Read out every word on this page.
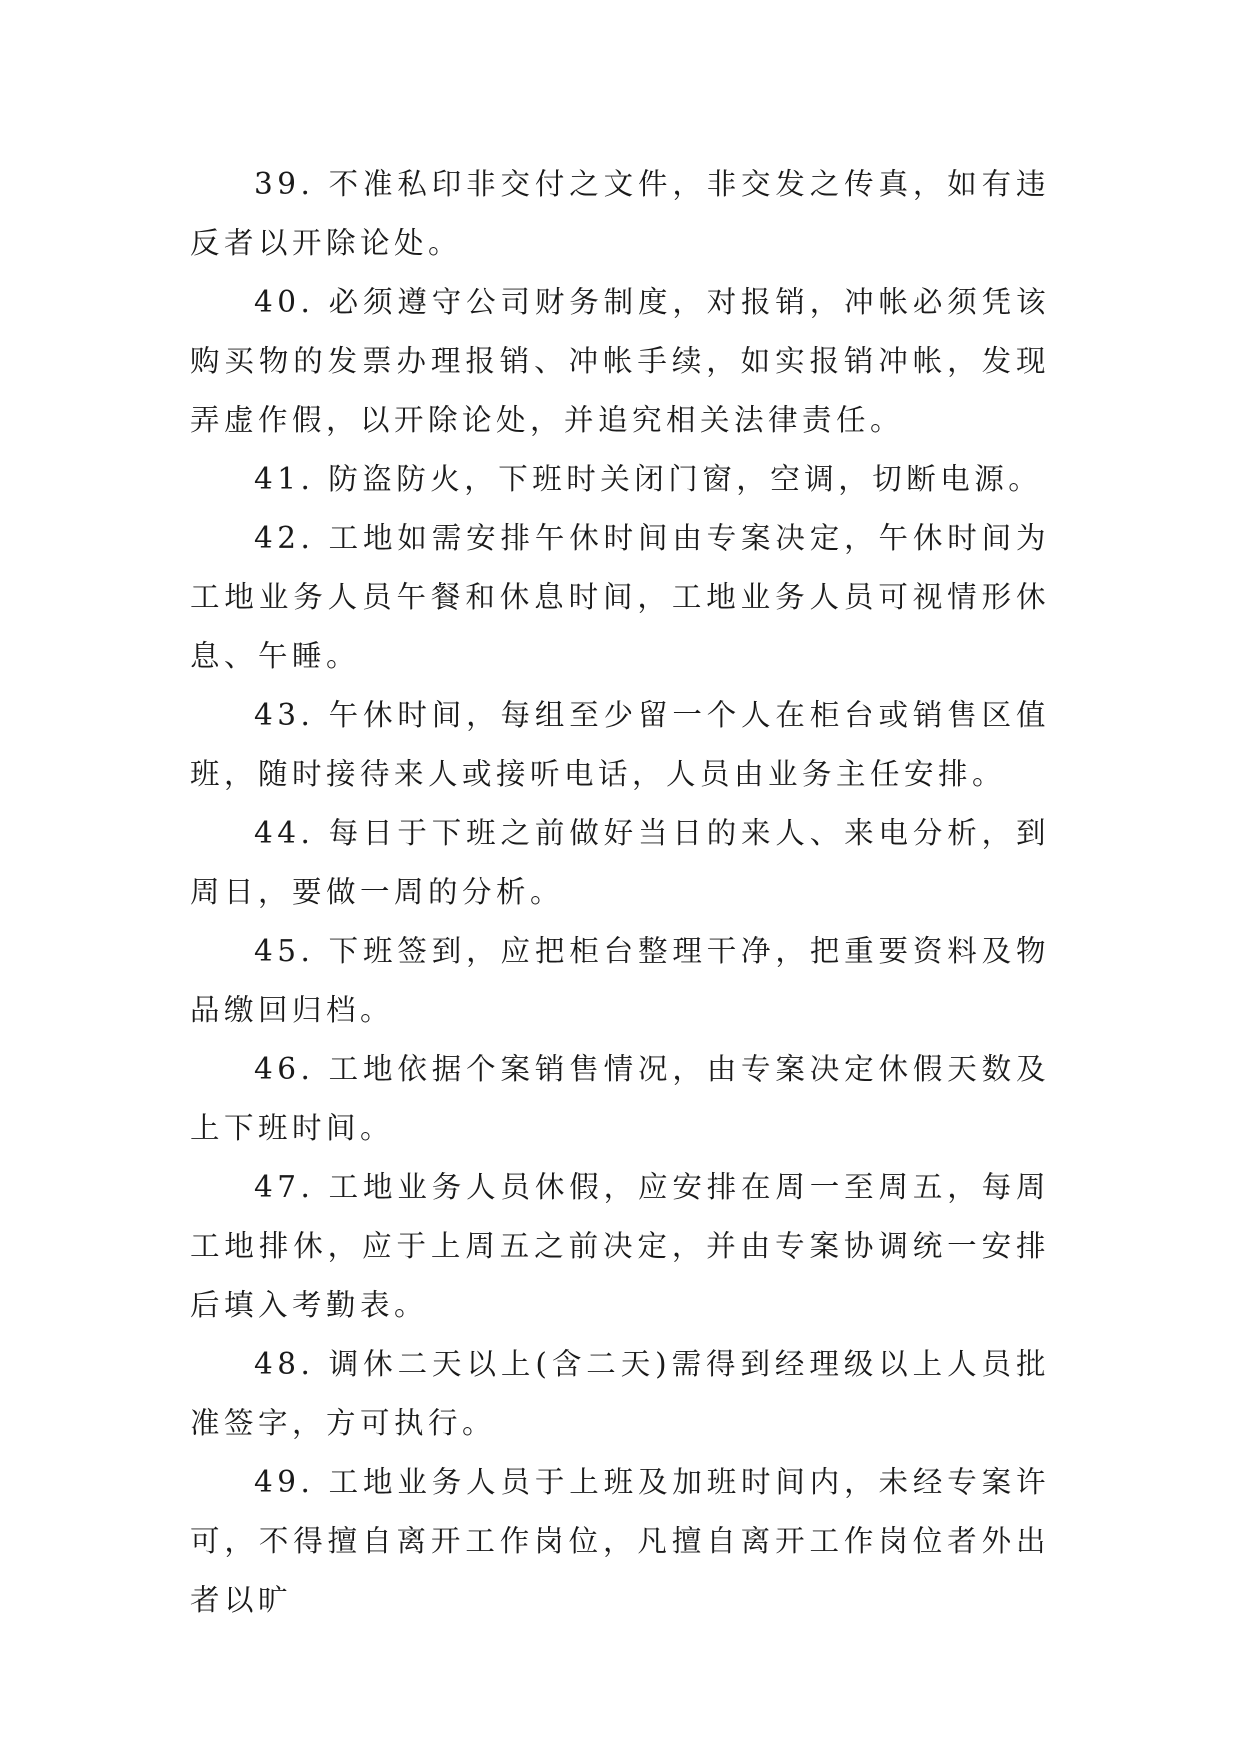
39. 不准私印非交付之文件，非交发之传真，如有违反者以开除论处。

40. 必须遵守公司财务制度，对报销，冲帐必须凭该购买物的发票办理报销、冲帐手续，如实报销冲帐，发现弄虚作假，以开除论处，并追究相关法律责任。

41. 防盗防火，下班时关闭门窗，空调，切断电源。

42. 工地如需安排午休时间由专案决定，午休时间为工地业务人员午餐和休息时间，工地业务人员可视情形休息、午睡。

43. 午休时间，每组至少留一个人在柜台或销售区值班，随时接待来人或接听电话，人员由业务主任安排。

44. 每日于下班之前做好当日的来人、来电分析，到周日，要做一周的分析。

45. 下班签到，应把柜台整理干净，把重要资料及物品缴回归档。

46. 工地依据个案销售情况，由专案决定休假天数及上下班时间。

47. 工地业务人员休假，应安排在周一至周五，每周工地排休，应于上周五之前决定，并由专案协调统一安排后填入考勤表。

48. 调休二天以上(含二天)需得到经理级以上人员批准签字，方可执行。

49. 工地业务人员于上班及加班时间内，未经专案许可，不得擅自离开工作岗位，凡擅自离开工作岗位者外出者以旷
